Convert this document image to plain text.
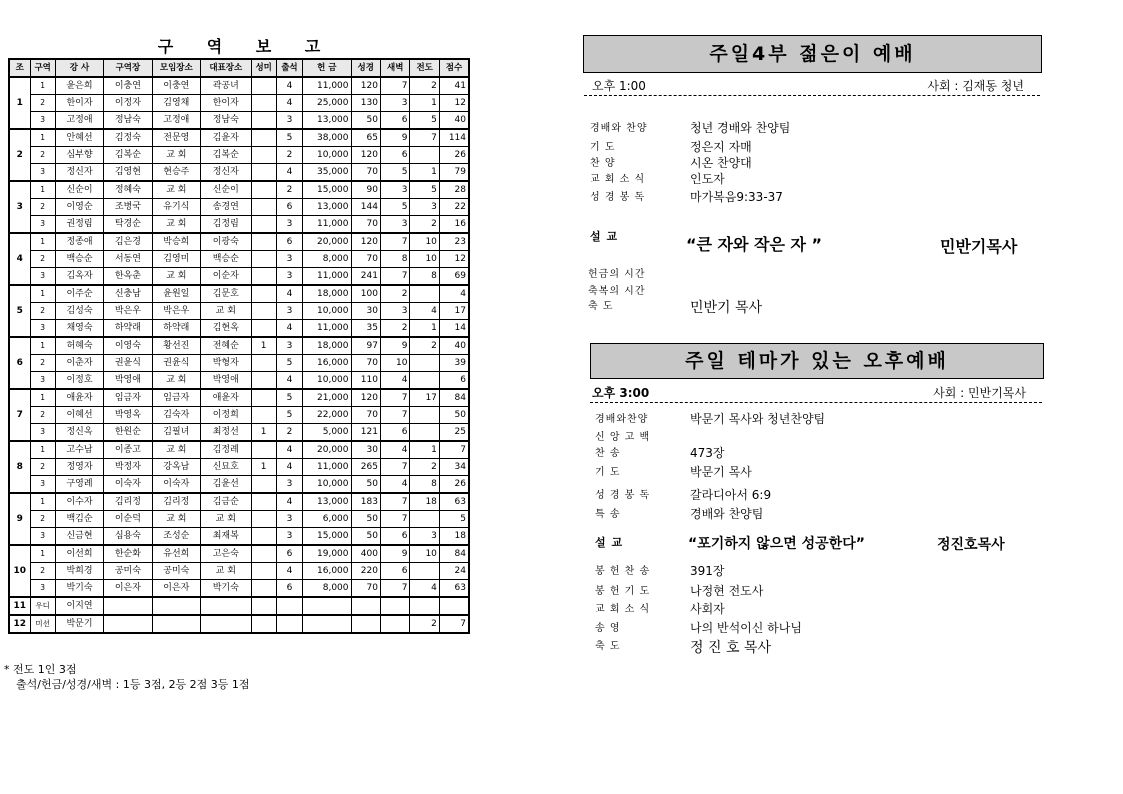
구 역 보 고
조	구역	강 사	구역장	모임장소	대표장소	성미	출석	헌 금	성경	새벽	전도	점수
1	1	윤은희	이충연	이충연	곽공녀		4	11,000	120	7	2	41
	2	한이자	이정자	김영채	한이자		4	25,000	130	3	1	12
	3	고정애	정남숙	고정애	정남숙		3	13,000	50	6	5	40
2	1	안혜선	김정숙	전문영	김윤자		5	38,000	65	9	7	114
	2	심부향	김복순	교 회	김복순		2	10,000	120	6		26
	3	정신자	김영현	현승주	정신자		4	35,000	70	5	1	79
3	1	신순이	정혜숙	교 회	신순이		2	15,000	90	3	5	28
	2	이영순	조병국	유기식	송경연		6	13,000	144	5	3	22
	3	권정림	탁경순	교 회	김정림		3	11,000	70	3	2	16
4	1	정종애	김은경	박승희	이광숙		6	20,000	120	7	10	23
	2	백승순	서동연	김영미	백승순		3	8,000	70	8	10	12
	3	김옥자	한옥춘	교 회	이순자		3	11,000	241	7	8	69
5	1	이주순	신충남	윤원일	김문호		4	18,000	100	2		4
	2	김성숙	박은우	박은우	교 회		3	10,000	30	3	4	17
	3	채영숙	하약래	하약래	김현옥		4	11,000	35	2	1	14
6	1	허혜숙	이영숙	황선진	전혜순	1	3	18,000	97	9	2	40
	2	이춘자	권윤식	권윤식	박형자		5	16,000	70	10		39
	3	이정호	박영애	교 회	박영애		4	10,000	110	4		6
7	1	애윤자	임금자	임금자	애윤자		5	21,000	120	7	17	84
	2	이혜선	박영옥	김숙자	이정희		5	22,000	70	7		50
	3	정신옥	한원순	김필녀	최정선	1	2	5,000	121	6		25
8	1	고수남	이종고	교 회	김정례		4	20,000	30	4	1	7
	2	정영자	박정자	강옥남	신묘호	1	4	11,000	265	7	2	34
	3	구영례	이숙자	이숙자	김윤선		3	10,000	50	4	8	26
9	1	이수자	김리정	김리정	김금순		4	13,000	183	7	18	63
	2	백김순	이순덕	교 회	교 회		3	6,000	50	7		5
	3	신금현	심용숙	조성순	최재복		3	15,000	50	6	3	18
10	1	이선희	한순화	유선희	고은숙		6	19,000	400	9	10	84
	2	박희경	공미숙	공미숙	교 회		4	16,000	220	6		24
	3	박기숙	이은자	이은자	박기숙		6	8,000	70	7	4	63
11	우디	이지연										
12	미션	박문기									2	7
* 전도 1인 3점
출석/헌금/성경/새벽 : 1등 3점, 2등 2점 3등 1점
주일4부 젊은이 예배
오후 1:00	사회 : 김재동 청년
경배와 찬양	청년 경배와 찬양팀
기 도	정은지 자매
찬 양	시온 찬양대
교 회 소 식	인도자
성 경 봉 독	마가복음9:33-37
설 교	“큰 자와 작은 자 ”	민반기목사
헌금의 시간
축복의 시간
축 도	민반기 목사
주일 테마가 있는 오후예배
오후 3:00	사회 : 민반기목사
경배와찬양	박문기 목사와 청년찬양팀
신 앙 고 백
찬 송	473장
기 도	박문기 목사
성 경 봉 독	갈라디아서 6:9
특 송	경배와 찬양팀
설 교	“포기하지 않으면 성공한다”	정진호목사
봉 헌 찬 송	391장
봉 헌 기 도	나정현 전도사
교 회 소 식	사회자
송 영	나의 반석이신 하나님
축 도	정 진 호 목사
